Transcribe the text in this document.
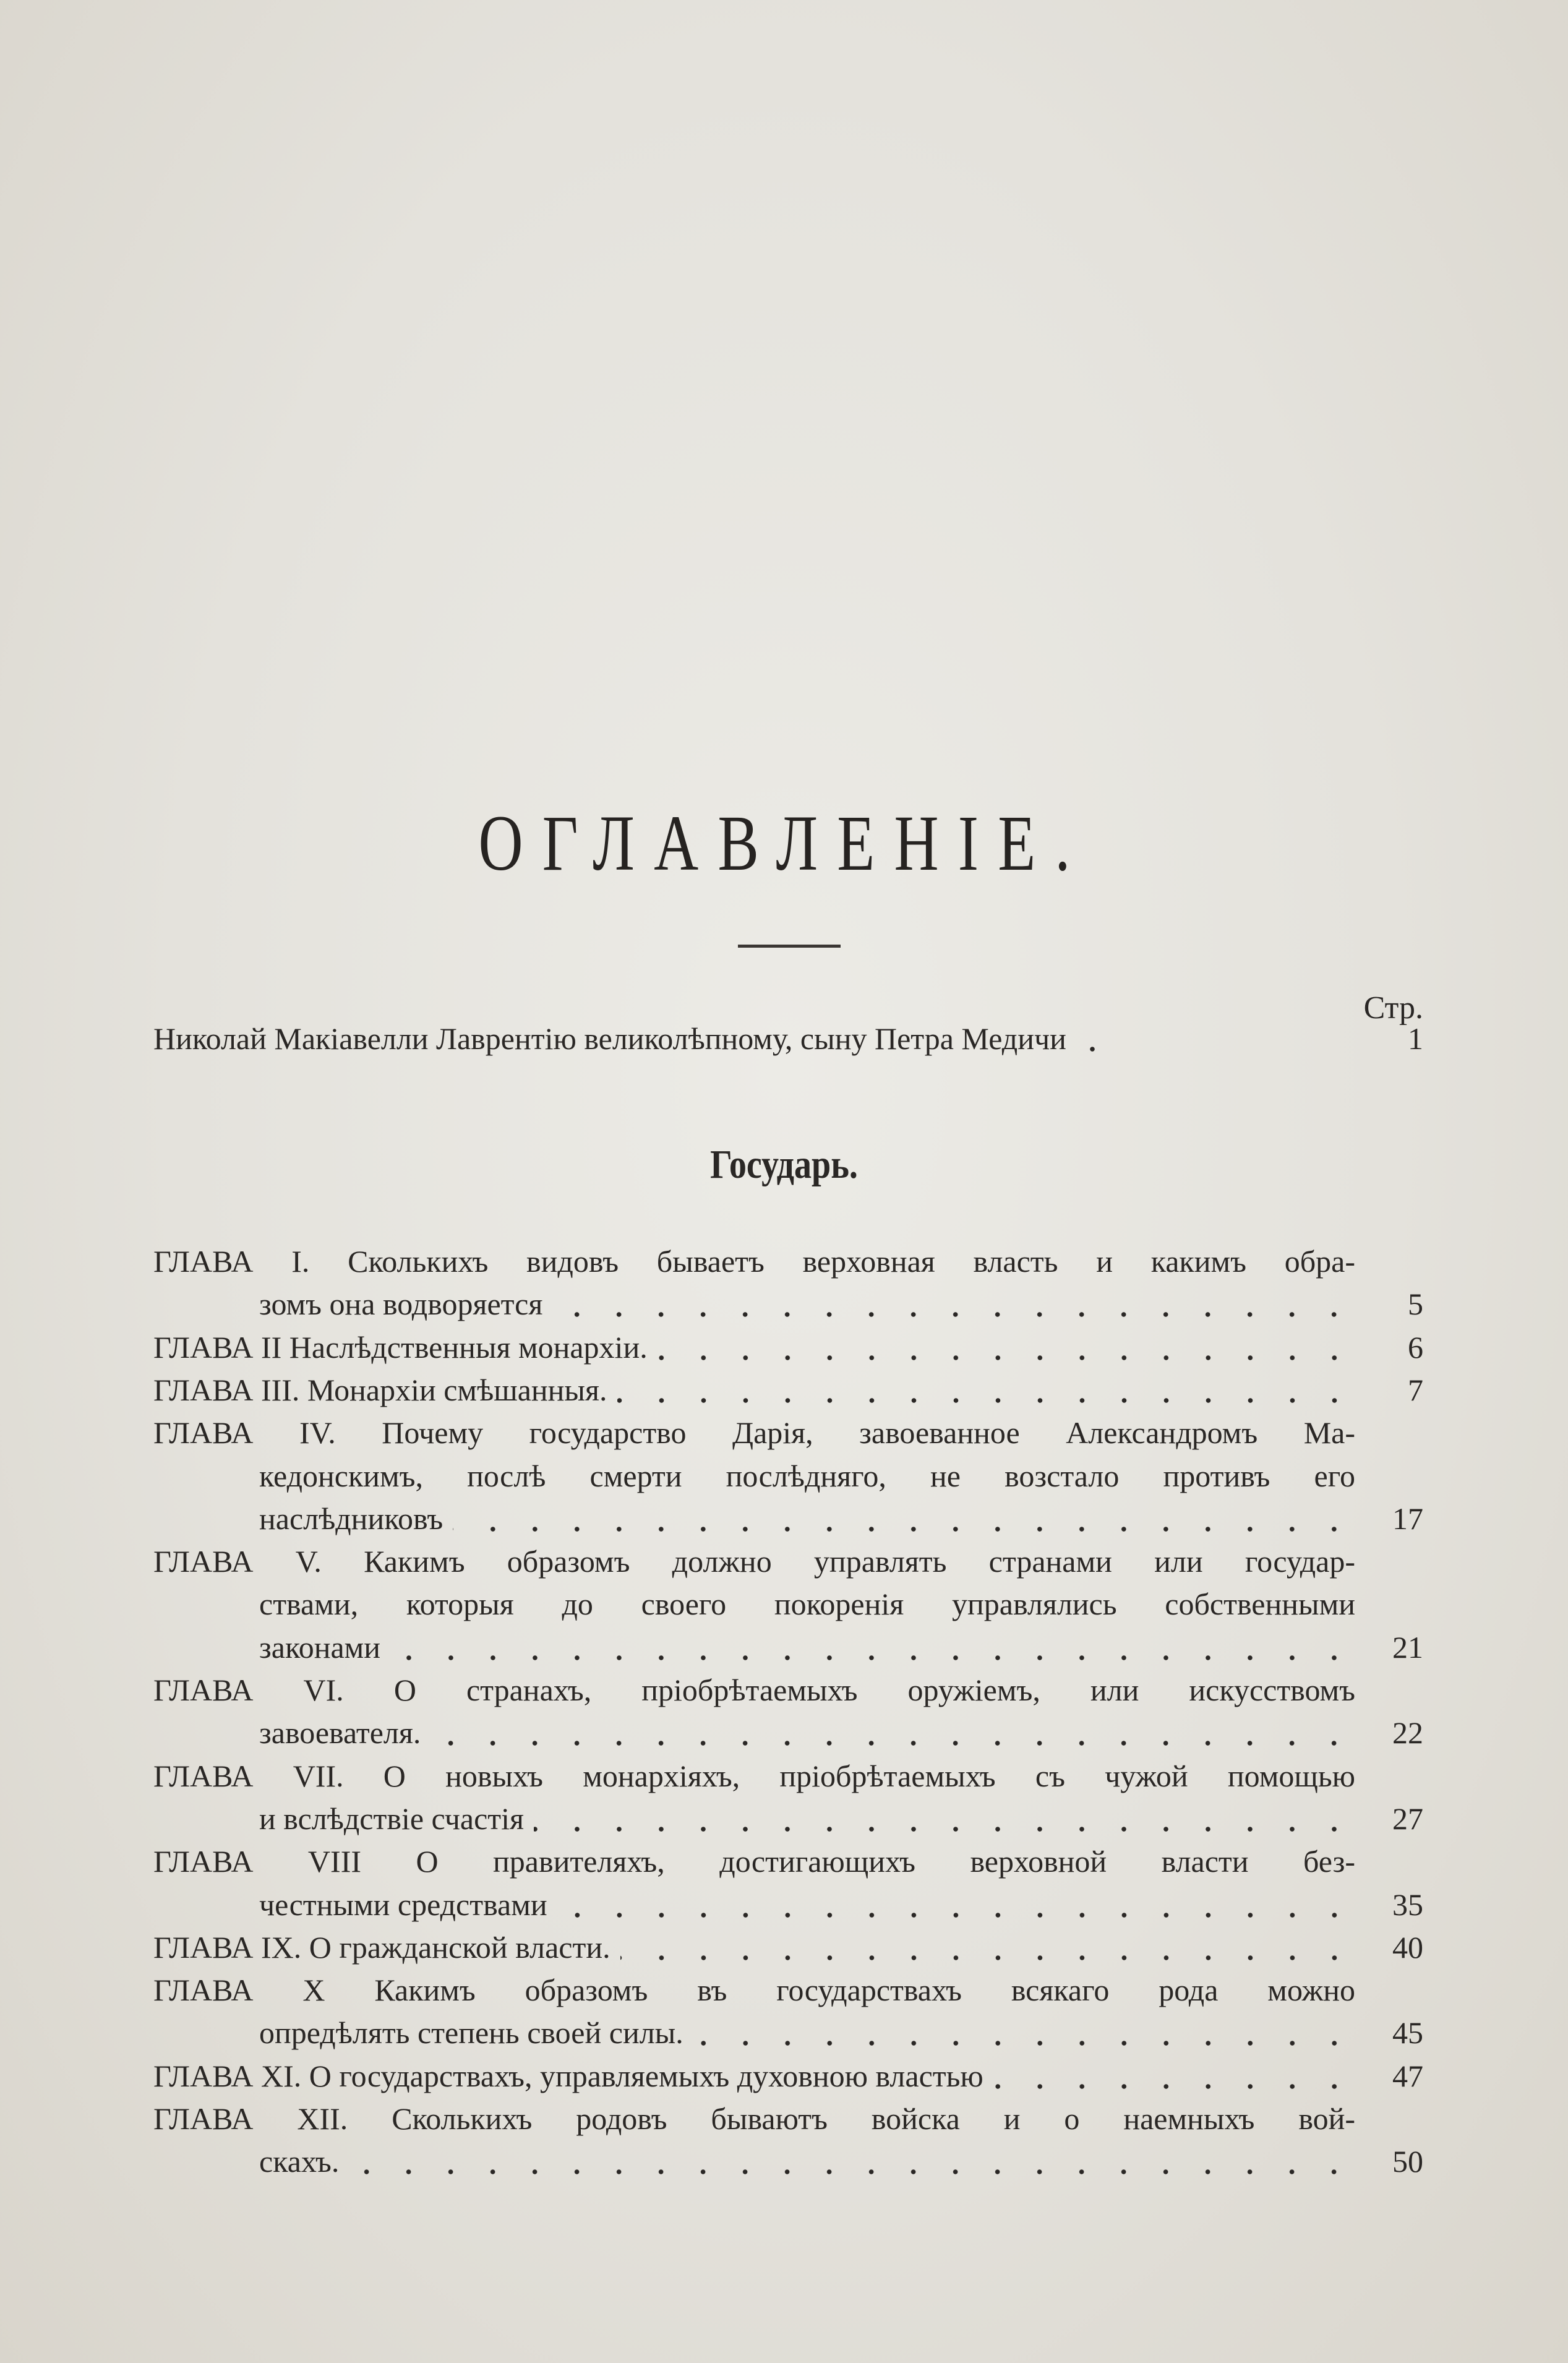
ОГЛАВЛЕНІЕ.
Стр.
Николай Макіавелли Лаврентію великолѣпному, сыну Петра Медичи	1
Государь.
ГЛАВА I. Сколькихъ видовъ бываетъ верховная власть и какимъ обра-
зомъ она водворяется	5
ГЛАВА II Наслѣдственныя монархіи.	6
ГЛАВА III. Монархіи смѣшанныя.	7
ГЛАВА IV. Почему государство Дарія, завоеванное Александромъ Ма-
кедонскимъ, послѣ смерти послѣдняго, не возстало противъ его
наслѣдниковъ	17
ГЛАВА V. Какимъ образомъ должно управлять странами или государ-
ствами, которыя до своего покоренія управлялись собственными
законами	21
ГЛАВА VI. О странахъ, пріобрѣтаемыхъ оружіемъ, или искусствомъ
завоевателя.	22
ГЛАВА VII. О новыхъ монархіяхъ, пріобрѣтаемыхъ съ чужой помощью
и вслѣдствіе счастія	27
ГЛАВА VIII О правителяхъ, достигающихъ верховной власти без-
честными средствами	35
ГЛАВА IX. О гражданской власти.	40
ГЛАВА X Какимъ образомъ въ государствахъ всякаго рода можно
опредѣлять степень своей силы.	45
ГЛАВА XI. О государствахъ, управляемыхъ духовною властью	47
ГЛАВА XII. Сколькихъ родовъ бываютъ войска и о наемныхъ вой-
скахъ.	50
